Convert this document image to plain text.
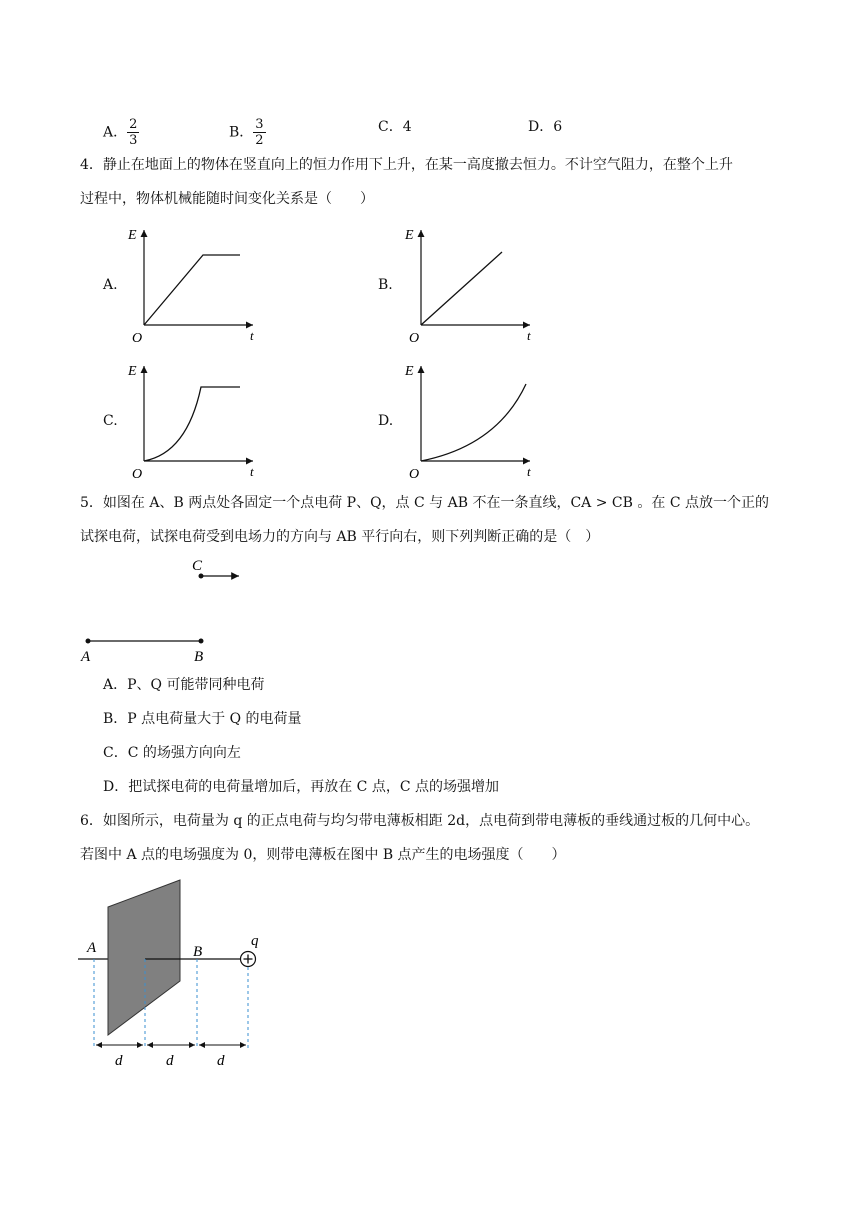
A． $\frac{2}{3}$	B． $\frac{3}{2}$	C．4	D．6
4．静止在地面上的物体在竖直向上的恒力作用下上升，在某一高度撤去恒力。不计空气阻力，在整个上升
过程中，物体机械能随时间变化关系是（　　）
A.
E
t
O
B.
E
t
O
C.
E
t
O
D.
E
t
O
5．如图在 A、B 两点处各固定一个点电荷 P、Q，点 C 与 AB 不在一条直线，CA > CB 。在 C 点放一个正的
试探电荷，试探电荷受到电场力的方向与 AB 平行向右，则下列判断正确的是（　）
C
A	B
A．P、Q 可能带同种电荷
B．P 点电荷量大于 Q 的电荷量
C．C 的场强方向向左
D．把试探电荷的电荷量增加后，再放在 C 点，C 点的场强增加
6．如图所示，电荷量为 q 的正点电荷与均匀带电薄板相距 2d，点电荷到带电薄板的垂线通过板的几何中心。
若图中 A 点的电场强度为 0，则带电薄板在图中 B 点产生的电场强度（　　）
A	B
q
d	d	d
